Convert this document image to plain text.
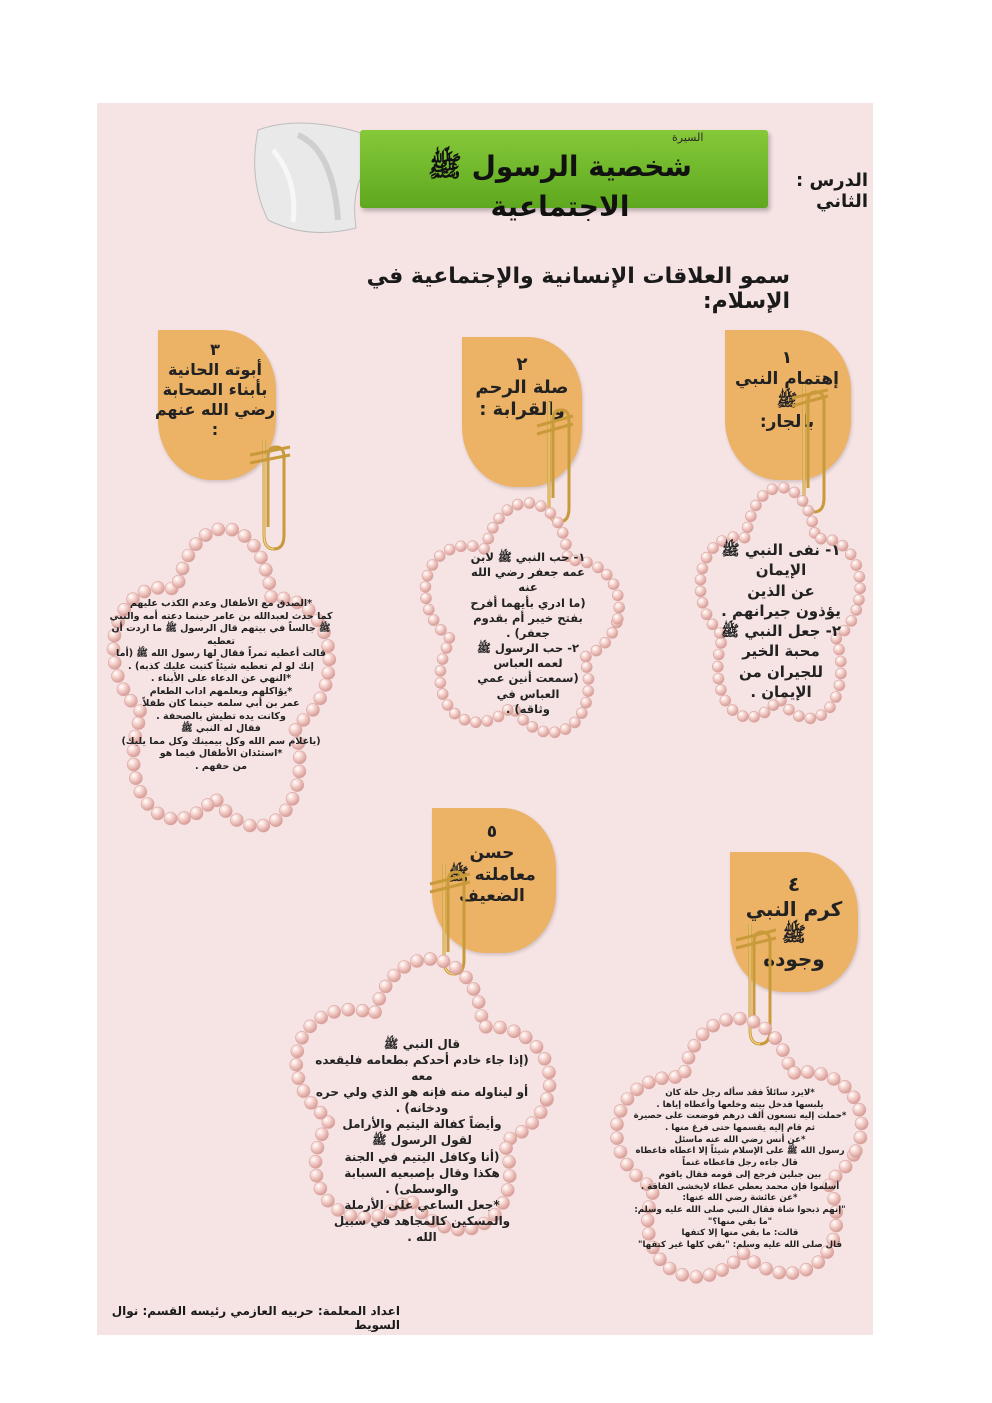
السيرة
شخصية الرسول ﷺ الاجتماعية
الدرس : الثاني
سمو العلاقات الإنسانية والإجتماعية في الإسلام:
١
إهتمام النبي ﷺ
بالجار:
٢
صلة الرحم
والقرابة :
٣
أبوته الحانية
بأبناء الصحابة
رضي الله عنهم :
٥
حسن
معاملته ﷺ
الضعيف	٤
كرم النبي ﷺ
وجوده
١- نفى النبي ﷺ الإيمان
عن الذين
يؤذون جيرانهم .
٢- جعل النبي ﷺ
محبة الخير
للجيران من
الإيمان .
١- حب النبي ﷺ لابن
عمه جعفر رضي الله
عنه
(ما ادري بأيهما أفرح
بفتح خيبر أم بقدوم
جعفر) .
٢- حب الرسول ﷺ
لعمه العباس
(سمعت أنين عمي
العباس في
وثاقه) .
*الصدق مع الأطفال وعدم الكذب عليهم
كما حدث لعبدالله بن عامر حينما دعته أمه والنبي
ﷺ جالساً في بيتهم قال الرسول ﷺ ما اردت أن تعطيه
قالت أعطيه تمراً فقال لها رسول الله ﷺ (أما
إنك لو لم تعطيه شيئاً كتبت عليك كذبه) .
*النهي عن الدعاء على الأبناء .
*يؤاكلهم ويعلمهم اداب الطعام
عمر بن أبي سلمه حينما كان طفلاً
وكانت يده تطيش بالصحفة .
فقال له النبي ﷺ
(ياغلام سم الله وكل بيمينك وكل مما يليك)
*استئذان الأطفال فيما هو
من حقهم .
قال النبي ﷺ
(إذا جاء خادم أحدكم بطعامه فليقعده معه
أو ليناوله منه فإنه هو الذي ولي حره
ودخانه) .
وأيضاً كفالة اليتيم والأرامل
لقول الرسول ﷺ
(أنا وكافل اليتيم في الجنة
هكذا وقال بإصبعيه السبابة
والوسطى) .
*جعل الساعي على الأرملة
والمسكين كالمجاهد في سبيل
الله .
*لايرد سائلاً فقد سأله رجل حلة كان
يلبسها فدخل بيته وخلعها وأعطاه إياها .
*حملت إليه تسعون ألف درهم فوضعت على حصيرة
ثم قام إليه يقسمها حتى فرغ منها .
*عن أنس رضي الله عنه ماسئل
رسول الله ﷺ على الإسلام شيئاً إلا اعطاه فاعطاه
قال جاءه رجل فاعطاه غنماً
بين جبلين فرجع إلى قومه فقال ياقوم
أسلموا فإن محمد يعطي عطاء لايخشى الفاقة .
*عن عائشة رضي الله عنها:
"إنهم ذبحوا شاة فقال النبي صلى الله عليه وسلم:
"ما بقي منها؟"
قالت: ما بقي منها إلا كتفها
قال صلى الله عليه وسلم: "بقي كلها غير كتفها"
اعداد المعلمة: حربيه العازمي رئيسه القسم: نوال السويط
